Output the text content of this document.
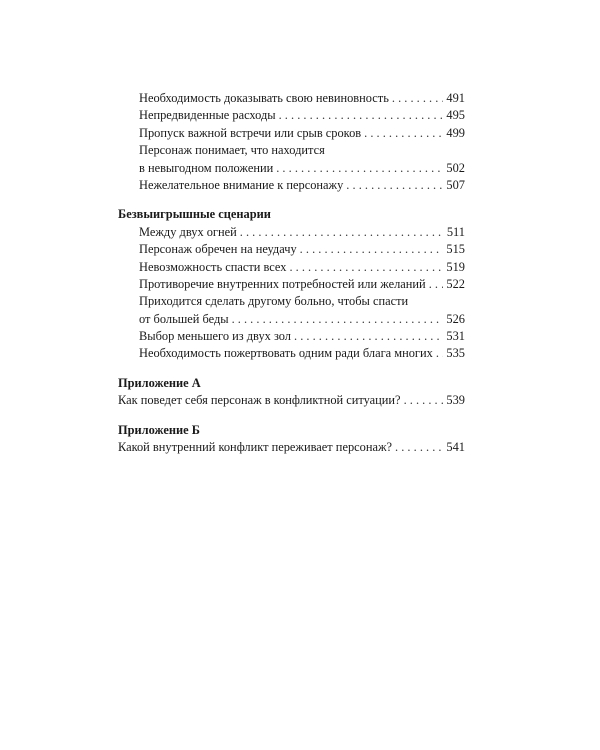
Необходимость доказывать свою невиновность . . .	491
Непредвиденные расходы . . .	495
Пропуск важной встречи или срыв сроков . . .	499
Персонаж понимает, что находится
в невыгодном положении . . .	502
Нежелательное внимание к персонажу . . .	507
Безвыигрышные сценарии
Между двух огней . . .	511
Персонаж обречен на неудачу . . .	515
Невозможность спасти всех . . .	519
Противоречие внутренних потребностей или желаний . . . 522
Приходится сделать другому больно, чтобы спасти
от большей беды . . .	526
Выбор меньшего из двух зол . . .	531
Необходимость пожертвовать одним ради блага многих . . . 535
Приложение А
Как поведет себя персонаж в конфликтной ситуации? . . .	539
Приложение Б
Какой внутренний конфликт переживает персонаж? . . .	541
